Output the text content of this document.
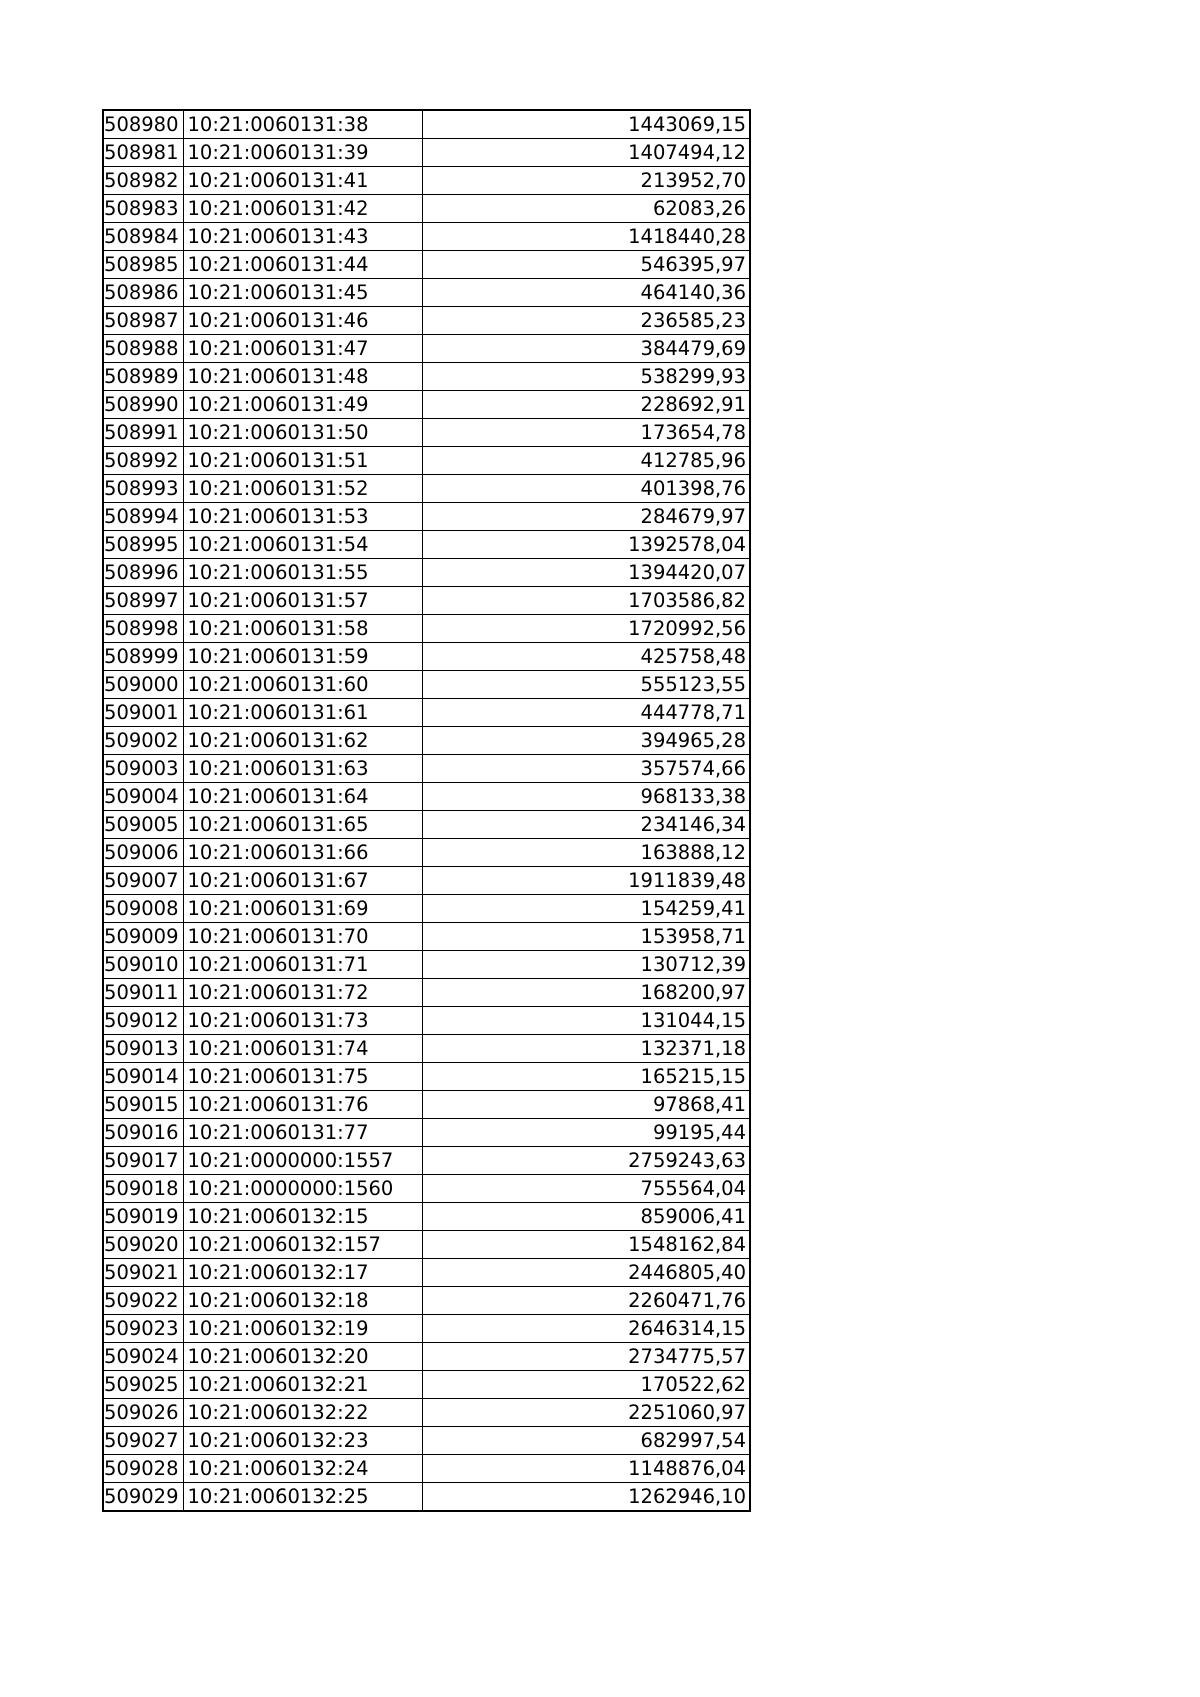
508980	10:21:0060131:38	1443069,15
508981	10:21:0060131:39	1407494,12
508982	10:21:0060131:41	213952,70
508983	10:21:0060131:42	62083,26
508984	10:21:0060131:43	1418440,28
508985	10:21:0060131:44	546395,97
508986	10:21:0060131:45	464140,36
508987	10:21:0060131:46	236585,23
508988	10:21:0060131:47	384479,69
508989	10:21:0060131:48	538299,93
508990	10:21:0060131:49	228692,91
508991	10:21:0060131:50	173654,78
508992	10:21:0060131:51	412785,96
508993	10:21:0060131:52	401398,76
508994	10:21:0060131:53	284679,97
508995	10:21:0060131:54	1392578,04
508996	10:21:0060131:55	1394420,07
508997	10:21:0060131:57	1703586,82
508998	10:21:0060131:58	1720992,56
508999	10:21:0060131:59	425758,48
509000	10:21:0060131:60	555123,55
509001	10:21:0060131:61	444778,71
509002	10:21:0060131:62	394965,28
509003	10:21:0060131:63	357574,66
509004	10:21:0060131:64	968133,38
509005	10:21:0060131:65	234146,34
509006	10:21:0060131:66	163888,12
509007	10:21:0060131:67	1911839,48
509008	10:21:0060131:69	154259,41
509009	10:21:0060131:70	153958,71
509010	10:21:0060131:71	130712,39
509011	10:21:0060131:72	168200,97
509012	10:21:0060131:73	131044,15
509013	10:21:0060131:74	132371,18
509014	10:21:0060131:75	165215,15
509015	10:21:0060131:76	97868,41
509016	10:21:0060131:77	99195,44
509017	10:21:0000000:1557	2759243,63
509018	10:21:0000000:1560	755564,04
509019	10:21:0060132:15	859006,41
509020	10:21:0060132:157	1548162,84
509021	10:21:0060132:17	2446805,40
509022	10:21:0060132:18	2260471,76
509023	10:21:0060132:19	2646314,15
509024	10:21:0060132:20	2734775,57
509025	10:21:0060132:21	170522,62
509026	10:21:0060132:22	2251060,97
509027	10:21:0060132:23	682997,54
509028	10:21:0060132:24	1148876,04
509029	10:21:0060132:25	1262946,10
